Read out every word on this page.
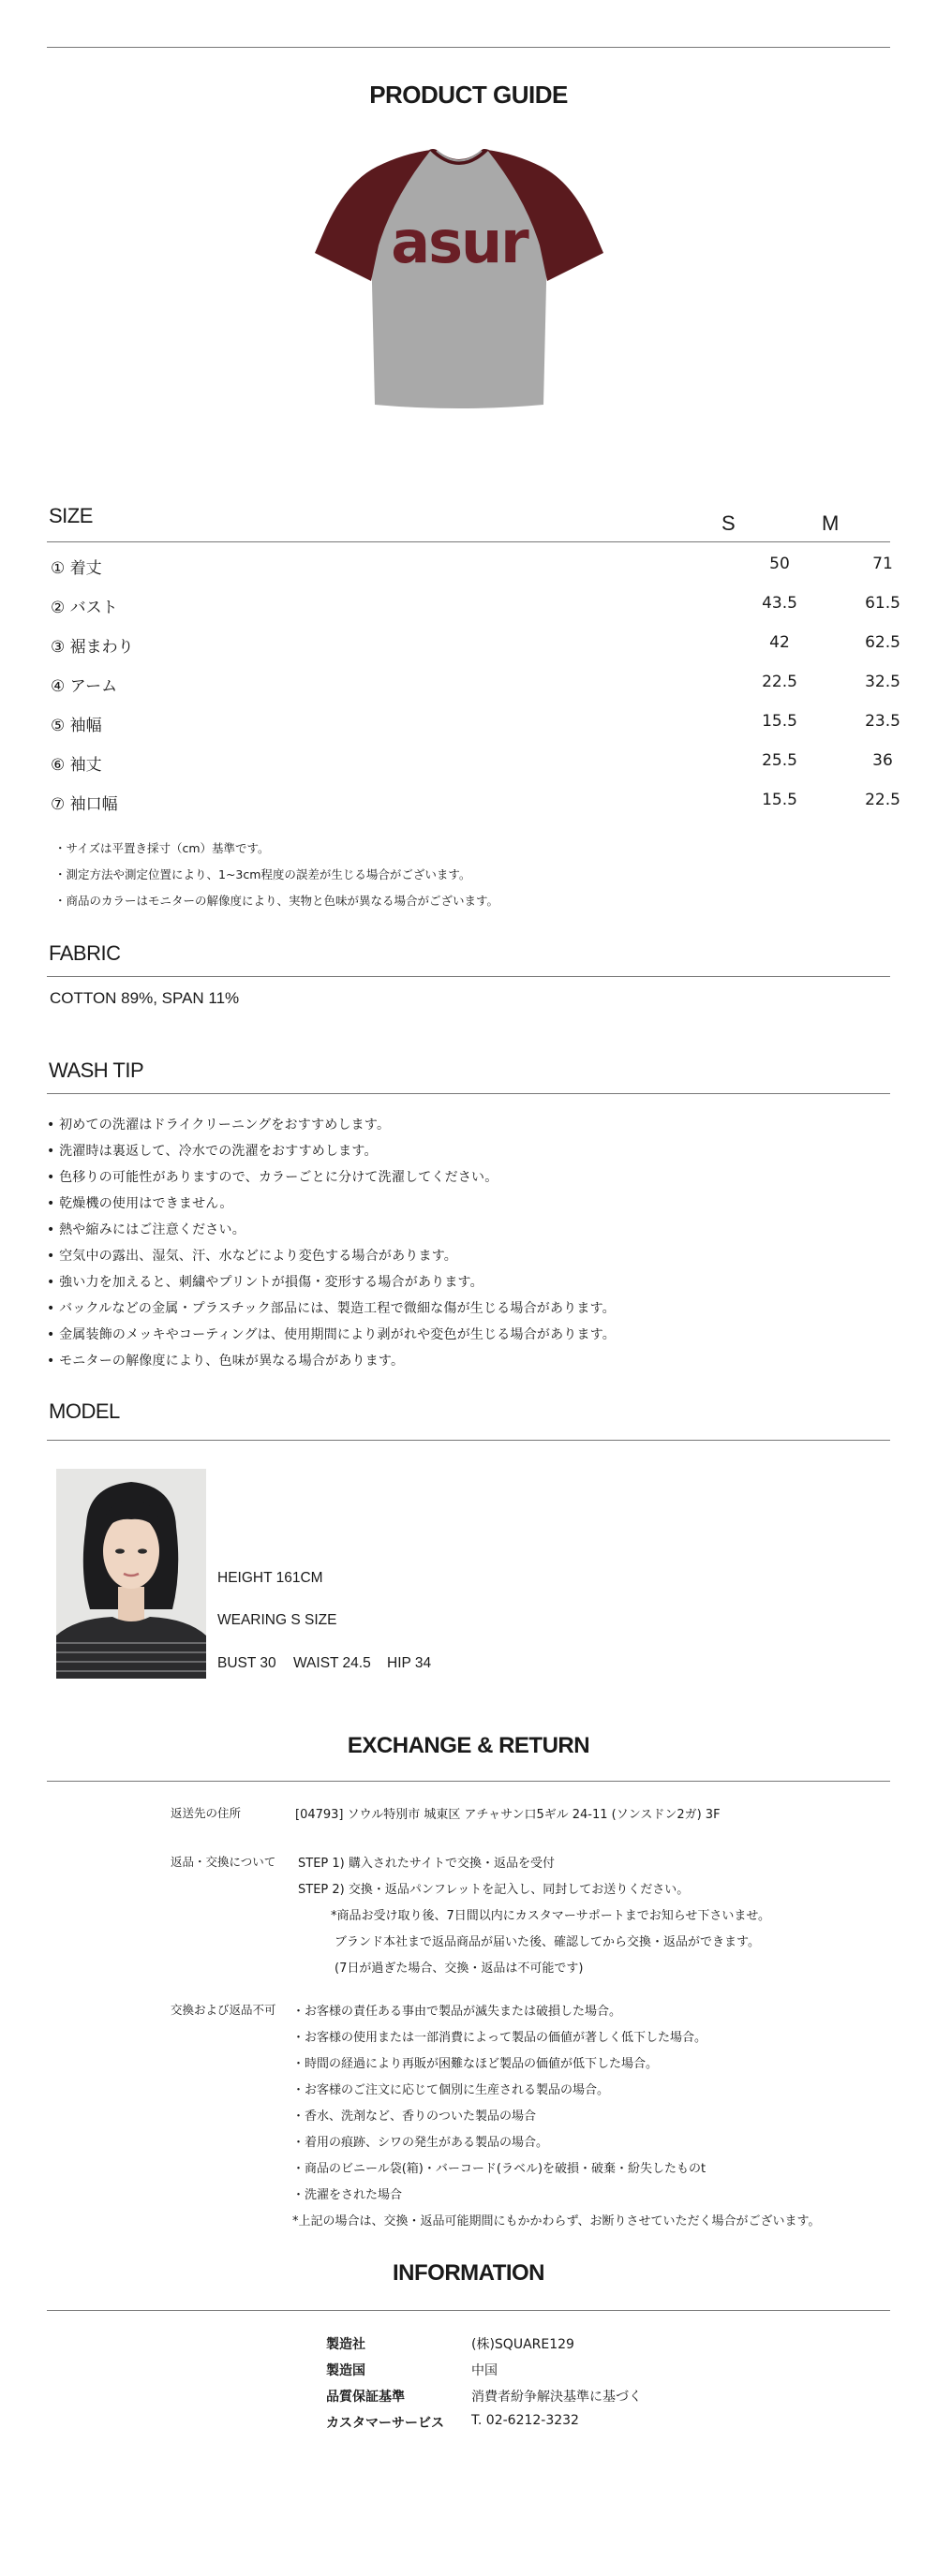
PRODUCT GUIDE
asur
SIZE	S	M
① 着丈	50	71
② バスト	43.5	61.5
③ 裾まわり	42	62.5
④ アーム	22.5	32.5
⑤ 袖幅	15.5	23.5
⑥ 袖丈	25.5	36
⑦ 袖口幅	15.5	22.5
・サイズは平置き採寸（cm）基準です。
・測定方法や測定位置により、1~3cm程度の誤差が生じる場合がございます。
・商品のカラーはモニターの解像度により、実物と色味が異なる場合がございます。
FABRIC
COTTON 89%, SPAN 11%
WASH TIP
• 初めての洗濯はドライクリーニングをおすすめします。
• 洗濯時は裏返して、冷水での洗濯をおすすめします。
• 色移りの可能性がありますので、カラーごとに分けて洗濯してください。
• 乾燥機の使用はできません。
• 熱や縮みにはご注意ください。
• 空気中の露出、湿気、汗、水などにより変色する場合があります。
• 強い力を加えると、刺繍やプリントが損傷・変形する場合があります。
• バックルなどの金属・プラスチック部品には、製造工程で微細な傷が生じる場合があります。
• 金属装飾のメッキやコーティングは、使用期間により剥がれや変色が生じる場合があります。
• モニターの解像度により、色味が異なる場合があります。
MODEL
HEIGHT 161CM
WEARING S SIZE
BUST 30 WAIST 24.5 HIP 34
EXCHANGE & RETURN
返送先の住所	[04793] ソウル特別市 城東区 アチャサン口5ギル 24-11 (ソンスドン2ガ) 3F
返品・交換について STEP 1) 購入されたサイトで交換・返品を受付
STEP 2) 交換・返品パンフレットを記入し、同封してお送りください。
*商品お受け取り後、7日間以内にカスタマーサポートまでお知らせ下さいませ。
ブランド本社まで返品商品が届いた後、確認してから交換・返品ができます。
(7日が過ぎた場合、交換・返品は不可能です)
交換および返品不可 ・お客様の責任ある事由で製品が滅失または破損した場合。
・お客様の使用または一部消費によって製品の価値が著しく低下した場合。
・時間の経過により再販が困難なほど製品の価値が低下した場合。
・お客様のご注文に応じて個別に生産される製品の場合。
・香水、洗剤など、香りのついた製品の場合
・着用の痕跡、シワの発生がある製品の場合。
・商品のビニール袋(箱)・バーコード(ラベル)を破損・破棄・紛失したものt
・洗濯をされた場合
*上記の場合は、交換・返品可能期間にもかかわらず、お断りさせていただく場合がございます。
INFORMATION
製造社	(株)SQUARE129
製造国	中国
品質保証基準	消費者紛争解決基準に基づく
カスタマーサービス T. 02-6212-3232
